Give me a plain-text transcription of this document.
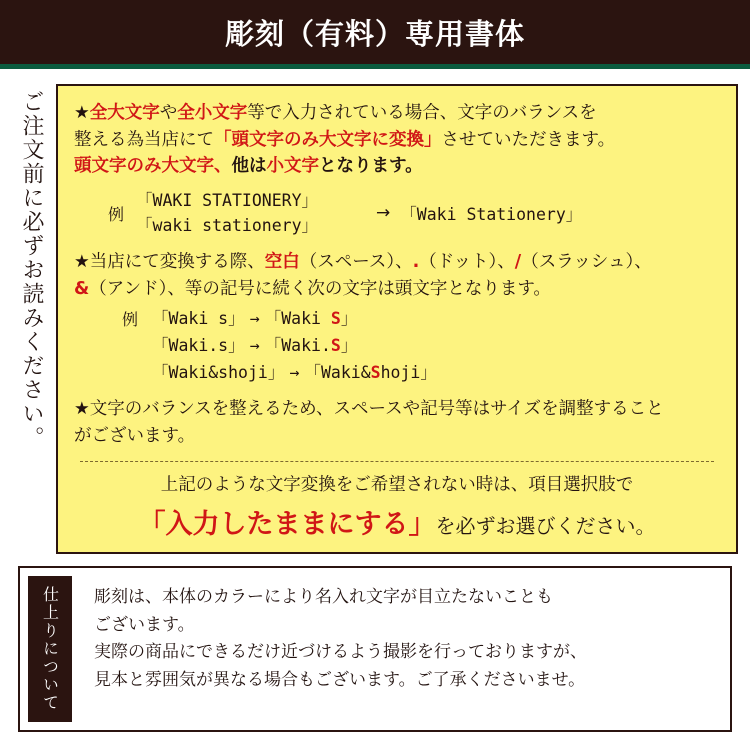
彫刻（有料）専用書体
ご注文前に必ずお読みください。 ★全大文字や全小文字等で入力されている場合、文字のバランスを
整える為当店にて「頭文字のみ大文字に変換」させていただきます。
頭文字のみ大文字、他は小文字となります。
例
「WAKI STATIONERY」
「waki stationery」
→ 「Waki Stationery」
★当店にて変換する際、空白（スペース）、.（ドット）、/（スラッシュ）、
&（アンド）、等の記号に続く次の文字は頭文字となります。
例 「Waki s」 → 「Waki S」
「Waki.s」 → 「Waki.S」
「Waki&shoji」 → 「Waki&Shoji」
★文字のバランスを整えるため、スペースや記号等はサイズを調整すること
がございます。
上記のような文字変換をご希望されない時は、項目選択肢で
「入力したままにする」を必ずお選びください。
仕上りについて 彫刻は、本体のカラーにより名入れ文字が目立たないことも
ございます。
実際の商品にできるだけ近づけるよう撮影を行っておりますが、
見本と雰囲気が異なる場合もございます。ご了承くださいませ。
